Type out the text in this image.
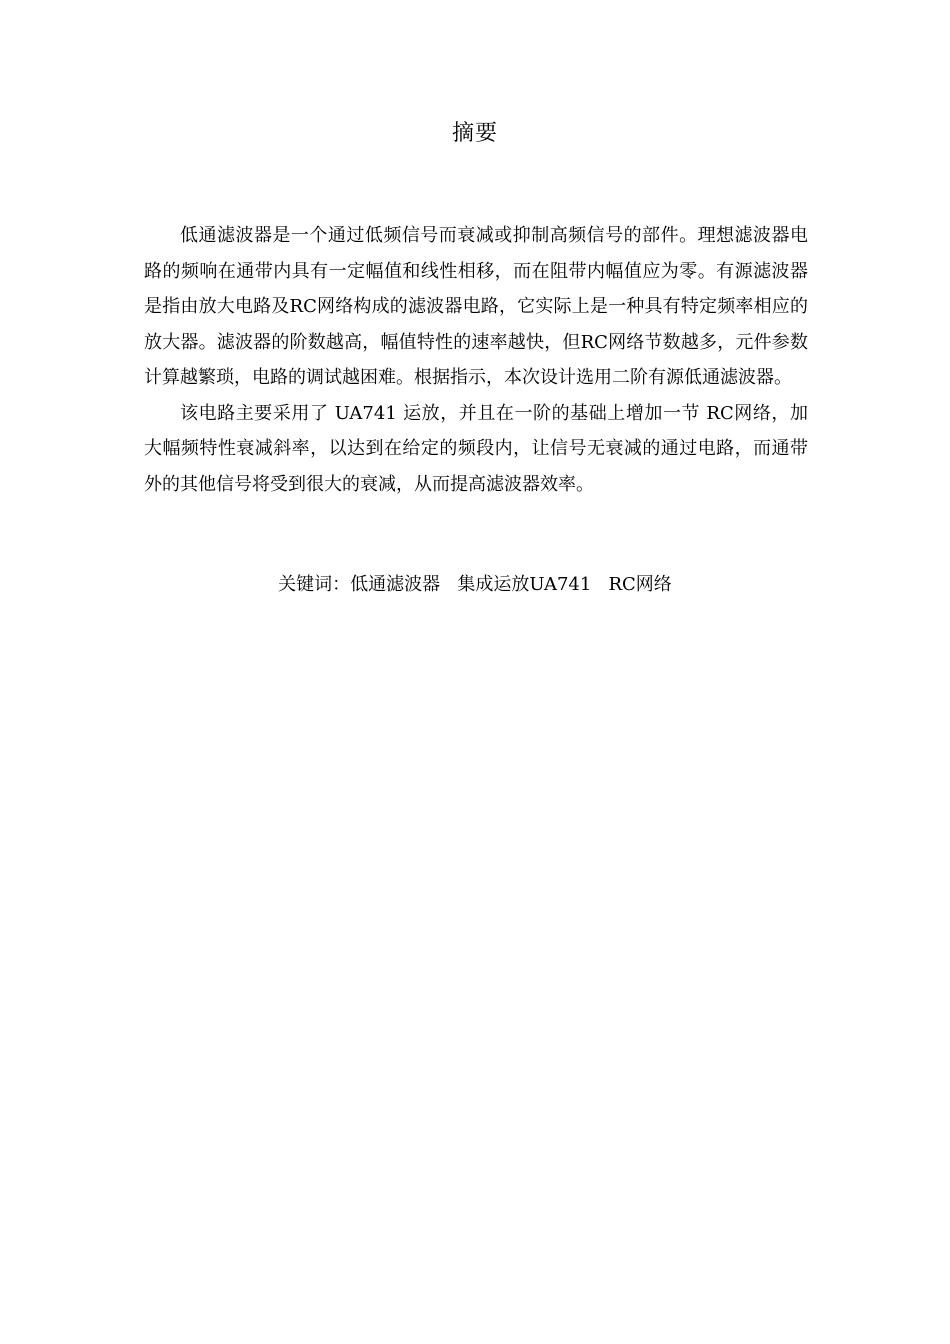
摘要

低通滤波器是一个通过低频信号而衰减或抑制高频信号的部件。理想滤波器电路的频响在通带内具有一定幅值和线性相移，而在阻带内幅值应为零。有源滤波器是指由放大电路及RC网络构成的滤波器电路，它实际上是一种具有特定频率相应的放大器。滤波器的阶数越高，幅值特性的速率越快，但RC网络节数越多，元件参数计算越繁琐，电路的调试越困难。根据指示，本次设计选用二阶有源低通滤波器。

该电路主要采用了 UA741 运放，并且在一阶的基础上增加一节 RC网络，加大幅频特性衰减斜率，以达到在给定的频段内，让信号无衰减的通过电路，而通带外的其他信号将受到很大的衰减，从而提高滤波器效率。

关键词：低通滤波器   集成运放UA741   RC网络
